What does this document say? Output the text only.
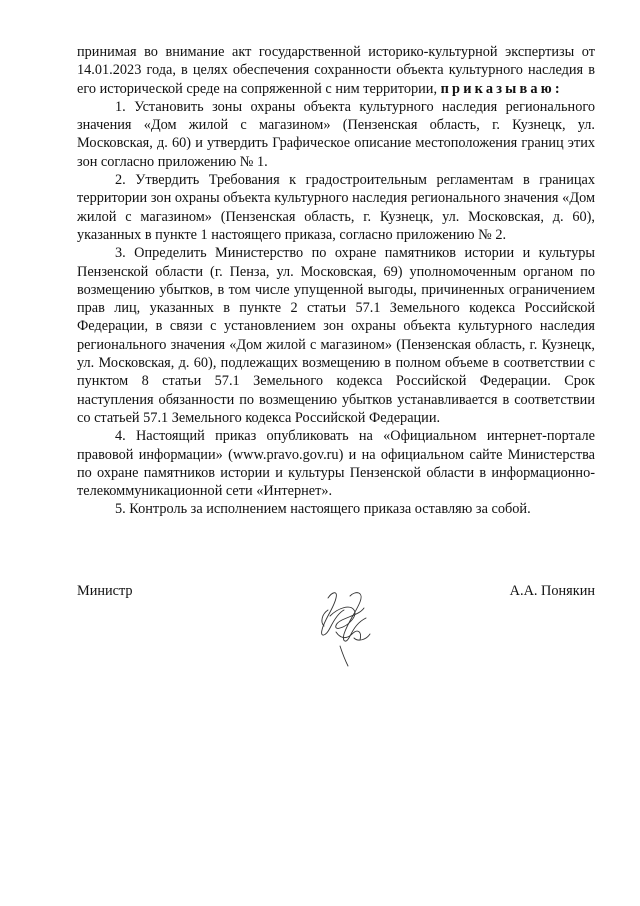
принимая во внимание акт государственной историко-культурной экспертизы от 14.01.2023 года, в целях обеспечения сохранности объекта культурного наследия в его исторической среде на сопряженной с ним территории, приказываю:

1. Установить зоны охраны объекта культурного наследия регионального значения «Дом жилой с магазином» (Пензенская область, г. Кузнецк, ул. Московская, д. 60) и утвердить Графическое описание местоположения границ этих зон согласно приложению № 1.

2. Утвердить Требования к градостроительным регламентам в границах территории зон охраны объекта культурного наследия регионального значения «Дом жилой с магазином» (Пензенская область, г. Кузнецк, ул. Московская, д. 60), указанных в пункте 1 настоящего приказа, согласно приложению № 2.

3. Определить Министерство по охране памятников истории и культуры Пензенской области (г. Пенза, ул. Московская, 69) уполномоченным органом по возмещению убытков, в том числе упущенной выгоды, причиненных ограничением прав лиц, указанных в пункте 2 статьи 57.1 Земельного кодекса Российской Федерации, в связи с установлением зон охраны объекта культурного наследия регионального значения «Дом жилой с магазином» (Пензенская область, г. Кузнецк, ул. Московская, д. 60), подлежащих возмещению в полном объеме в соответствии с пунктом 8 статьи 57.1 Земельного кодекса Российской Федерации. Срок наступления обязанности по возмещению убытков устанавливается в соответствии со статьей 57.1 Земельного кодекса Российской Федерации.

4. Настоящий приказ опубликовать на «Официальном интернет-портале правовой информации» (www.pravo.gov.ru) и на официальном сайте Министерства по охране памятников истории и культуры Пензенской области в информационно-телекоммуникационной сети «Интернет».

5. Контроль за исполнением настоящего приказа оставляю за собой.

Министр	А.А. Понякин
